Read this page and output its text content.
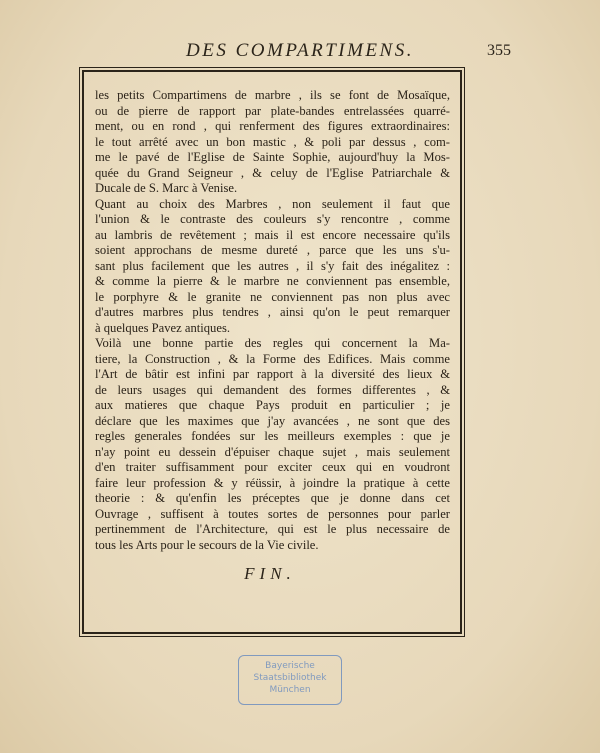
DES COMPARTIMENS.	355
les petits Compartimens de marbre , ils se font de Mosaïque,
ou de pierre de rapport par plate-bandes entrelassées quarré-
ment, ou en rond , qui renferment des figures extraordinaires:
le tout arrêté avec un bon mastic , & poli par dessus , com-
me le pavé de l'Eglise de Sainte Sophie, aujourd'huy la Mos-
quée du Grand Seigneur , & celuy de l'Eglise Patriarchale &
Ducale de S. Marc à Venise.
Quant au choix des Marbres , non seulement il faut que
l'union & le contraste des couleurs s'y rencontre , comme
au lambris de revêtement ; mais il est encore necessaire qu'ils
soient approchans de mesme dureté , parce que les uns s'u-
sant plus facilement que les autres , il s'y fait des inégalitez :
& comme la pierre & le marbre ne conviennent pas ensemble,
le porphyre & le granite ne conviennent pas non plus avec
d'autres marbres plus tendres , ainsi qu'on le peut remarquer
à quelques Pavez antiques.
Voilà une bonne partie des regles qui concernent la Ma-
tiere, la Construction , & la Forme des Edifices. Mais comme
l'Art de bâtir est infini par rapport à la diversité des lieux &
de leurs usages qui demandent des formes differentes , &
aux matieres que chaque Pays produit en particulier ; je
déclare que les maximes que j'ay avancées , ne sont que des
regles generales fondées sur les meilleurs exemples : que je
n'ay point eu dessein d'épuiser chaque sujet , mais seulement
d'en traiter suffisamment pour exciter ceux qui en voudront
faire leur profession & y réüssir, à joindre la pratique à cette
theorie : & qu'enfin les préceptes que je donne dans cet
Ouvrage , suffisent à toutes sortes de personnes pour parler
pertinemment de l'Architecture, qui est le plus necessaire de
tous les Arts pour le secours de la Vie civile.
FIN.
Bayerische
Staatsbibliothek
München
